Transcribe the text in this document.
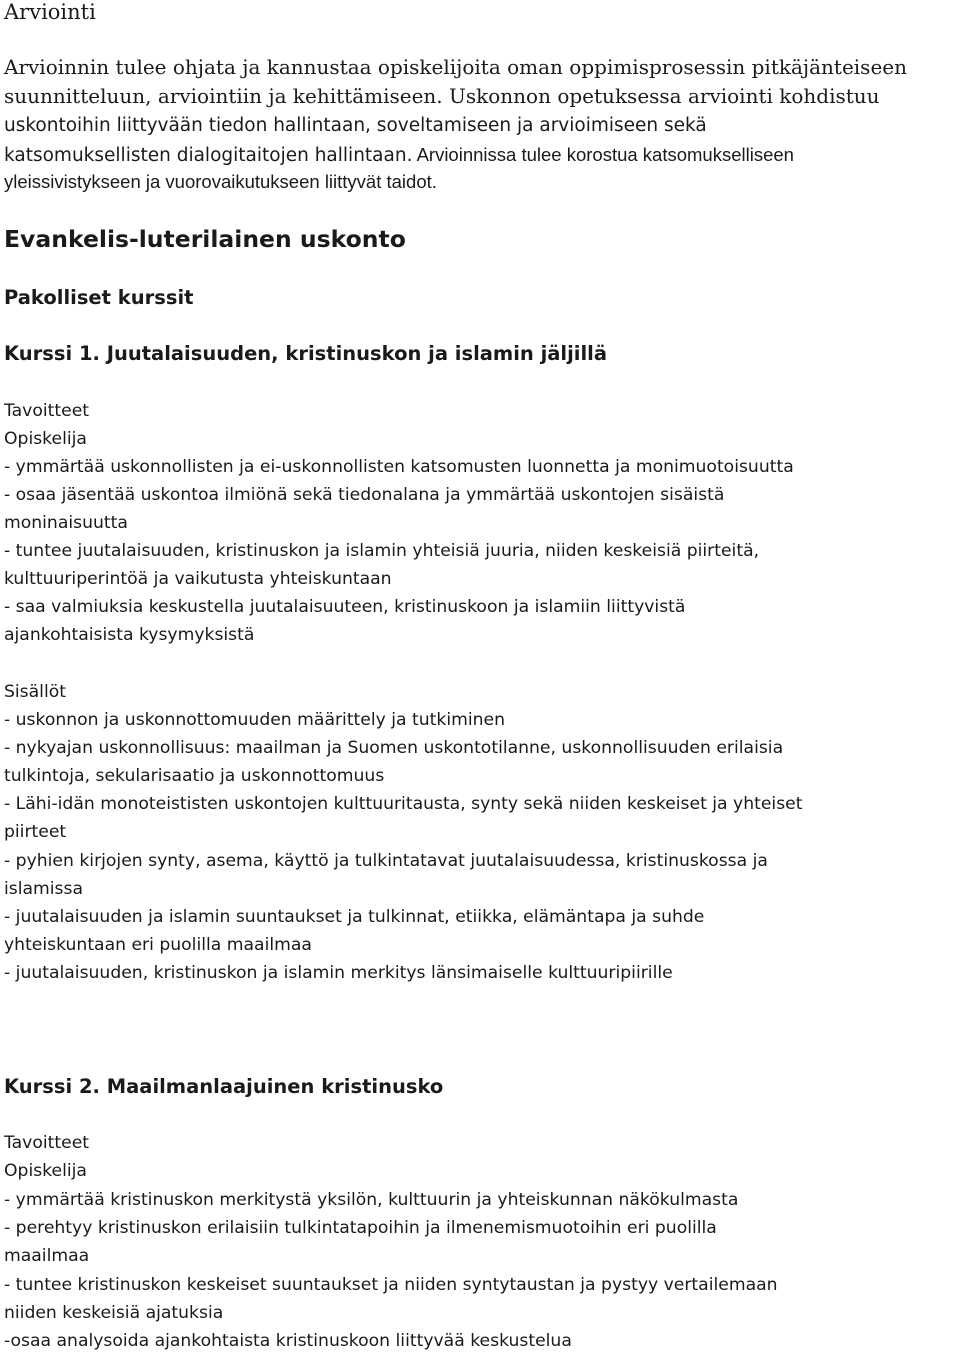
Arviointi
Arvioinnin tulee ohjata ja kannustaa opiskelijoita oman oppimisprosessin pitkäjänteiseen
suunnitteluun, arviointiin ja kehittämiseen. Uskonnon opetuksessa arviointi kohdistuu
uskontoihin liittyvään tiedon hallintaan, soveltamiseen ja arvioimiseen sekä
katsomuksellisten dialogitaitojen hallintaan. Arvioinnissa tulee korostua katsomukselliseen
yleissivistykseen ja vuorovaikutukseen liittyvät taidot.
Evankelis-luterilainen uskonto
Pakolliset kurssit
Kurssi 1. Juutalaisuuden, kristinuskon ja islamin jäljillä
Tavoitteet
Opiskelija
- ymmärtää uskonnollisten ja ei-uskonnollisten katsomusten luonnetta ja monimuotoisuutta
- osaa jäsentää uskontoa ilmiönä sekä tiedonalana ja ymmärtää uskontojen sisäistä
moninaisuutta
- tuntee juutalaisuuden, kristinuskon ja islamin yhteisiä juuria, niiden keskeisiä piirteitä,
kulttuuriperintöä ja vaikutusta yhteiskuntaan
- saa valmiuksia keskustella juutalaisuuteen, kristinuskoon ja islamiin liittyvistä
ajankohtaisista kysymyksistä
Sisällöt
- uskonnon ja uskonnottomuuden määrittely ja tutkiminen
- nykyajan uskonnollisuus: maailman ja Suomen uskontotilanne, uskonnollisuuden erilaisia
tulkintoja, sekularisaatio ja uskonnottomuus
- Lähi-idän monoteististen uskontojen kulttuuritausta, synty sekä niiden keskeiset ja yhteiset
piirteet
- pyhien kirjojen synty, asema, käyttö ja tulkintatavat juutalaisuudessa, kristinuskossa ja
islamissa
- juutalaisuuden ja islamin suuntaukset ja tulkinnat, etiikka, elämäntapa ja suhde
yhteiskuntaan eri puolilla maailmaa
- juutalaisuuden, kristinuskon ja islamin merkitys länsimaiselle kulttuuripiirille
Kurssi 2. Maailmanlaajuinen kristinusko
Tavoitteet
Opiskelija
- ymmärtää kristinuskon merkitystä yksilön, kulttuurin ja yhteiskunnan näkökulmasta
- perehtyy kristinuskon erilaisiin tulkintatapoihin ja ilmenemismuotoihin eri puolilla
maailmaa
- tuntee kristinuskon keskeiset suuntaukset ja niiden syntytaustan ja pystyy vertailemaan
niiden keskeisiä ajatuksia
-osaa analysoida ajankohtaista kristinuskoon liittyvää keskustelua
